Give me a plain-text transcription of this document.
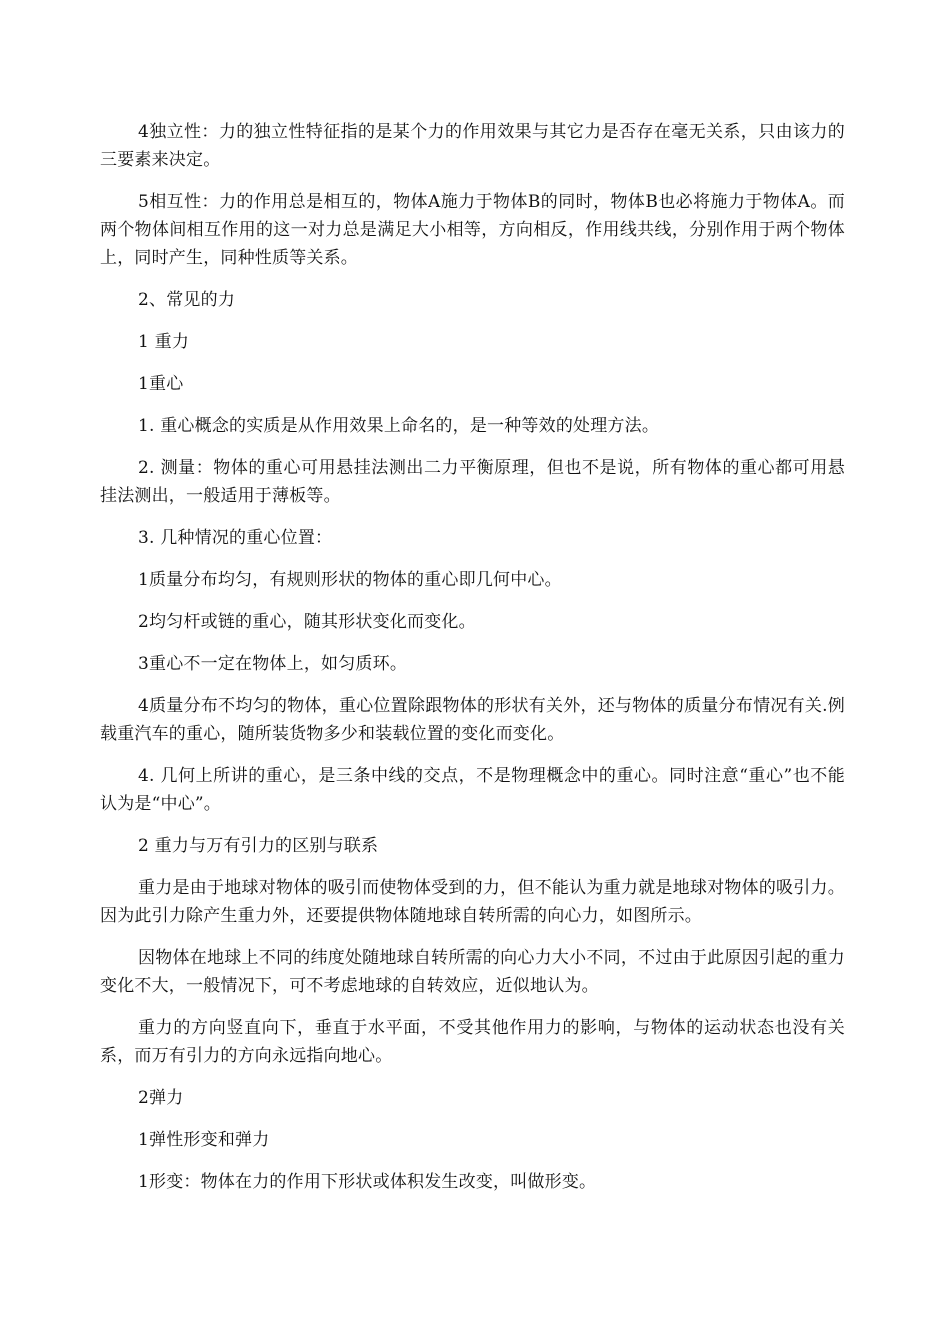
4独立性：力的独立性特征指的是某个力的作用效果与其它力是否存在毫无关系，只由该力的三要素来决定。

5相互性：力的作用总是相互的，物体A施力于物体B的同时，物体B也必将施力于物体A。而两个物体间相互作用的这一对力总是满足大小相等，方向相反，作用线共线，分别作用于两个物体上，同时产生，同种性质等关系。

2、常见的力

1 重力

1重心

1. 重心概念的实质是从作用效果上命名的，是一种等效的处理方法。

2. 测量：物体的重心可用悬挂法测出二力平衡原理，但也不是说，所有物体的重心都可用悬挂法测出，一般适用于薄板等。

3. 几种情况的重心位置：

1质量分布均匀，有规则形状的物体的重心即几何中心。

2均匀杆或链的重心，随其形状变化而变化。

3重心不一定在物体上，如匀质环。

4质量分布不均匀的物体，重心位置除跟物体的形状有关外，还与物体的质量分布情况有关.例载重汽车的重心，随所装货物多少和装载位置的变化而变化。

4. 几何上所讲的重心，是三条中线的交点，不是物理概念中的重心。同时注意“重心”也不能认为是“中心”。

2 重力与万有引力的区别与联系

重力是由于地球对物体的吸引而使物体受到的力，但不能认为重力就是地球对物体的吸引力。因为此引力除产生重力外，还要提供物体随地球自转所需的向心力，如图所示。

因物体在地球上不同的纬度处随地球自转所需的向心力大小不同，不过由于此原因引起的重力变化不大，一般情况下，可不考虑地球的自转效应，近似地认为。

重力的方向竖直向下，垂直于水平面，不受其他作用力的影响，与物体的运动状态也没有关系，而万有引力的方向永远指向地心。

2弹力

1弹性形变和弹力

1形变：物体在力的作用下形状或体积发生改变，叫做形变。
